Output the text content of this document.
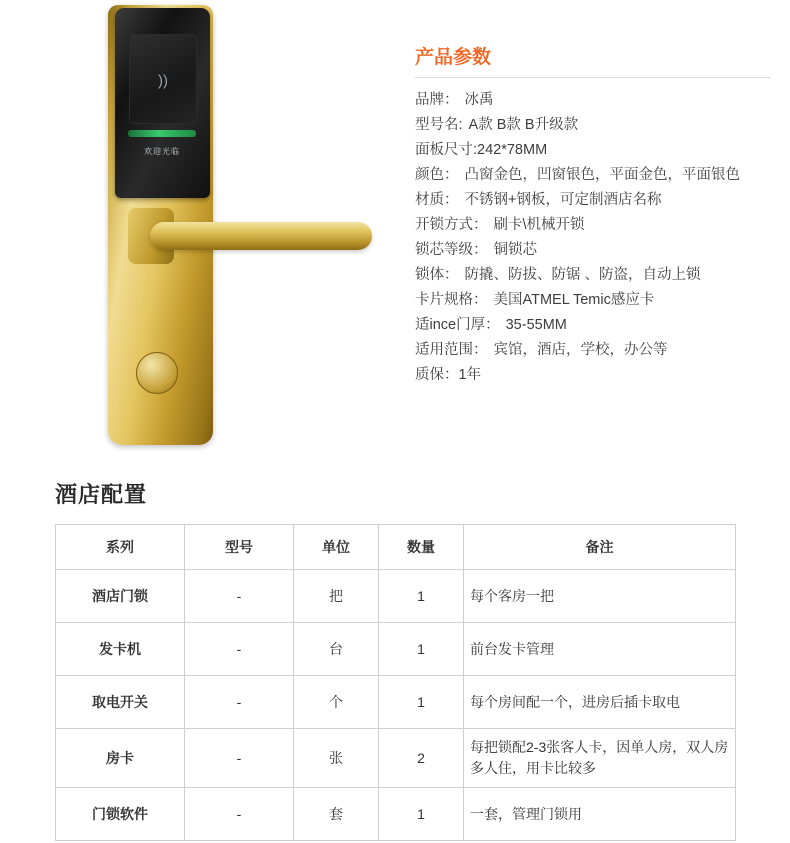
))
欢迎光临
产品参数
品牌： 冰禹
型号名: A款 B款 B升级款
面板尺寸:242*78MM
颜色： 凸窗金色，凹窗银色，平面金色，平面银色
材质： 不锈钢+钢板，可定制酒店名称
开锁方式： 刷卡\机械开锁
锁芯等级： 铜锁芯
锁体： 防撬、防拔、防锯 、防盗，自动上锁
卡片规格： 美国ATMEL Temic感应卡
适ince门厚： 35-55MM
适用范围： 宾馆，酒店，学校，办公等
质保：1年
酒店配置
系列	型号	单位	数量	备注
酒店门锁	-	把	1	每个客房一把
发卡机	-	台	1	前台发卡管理
取电开关	-	个	1	每个房间配一个，进房后插卡取电
房卡	-	张	2	每把锁配2-3张客人卡，因单人房，双人房多人住，用卡比较多
门锁软件	-	套	1	一套，管理门锁用
